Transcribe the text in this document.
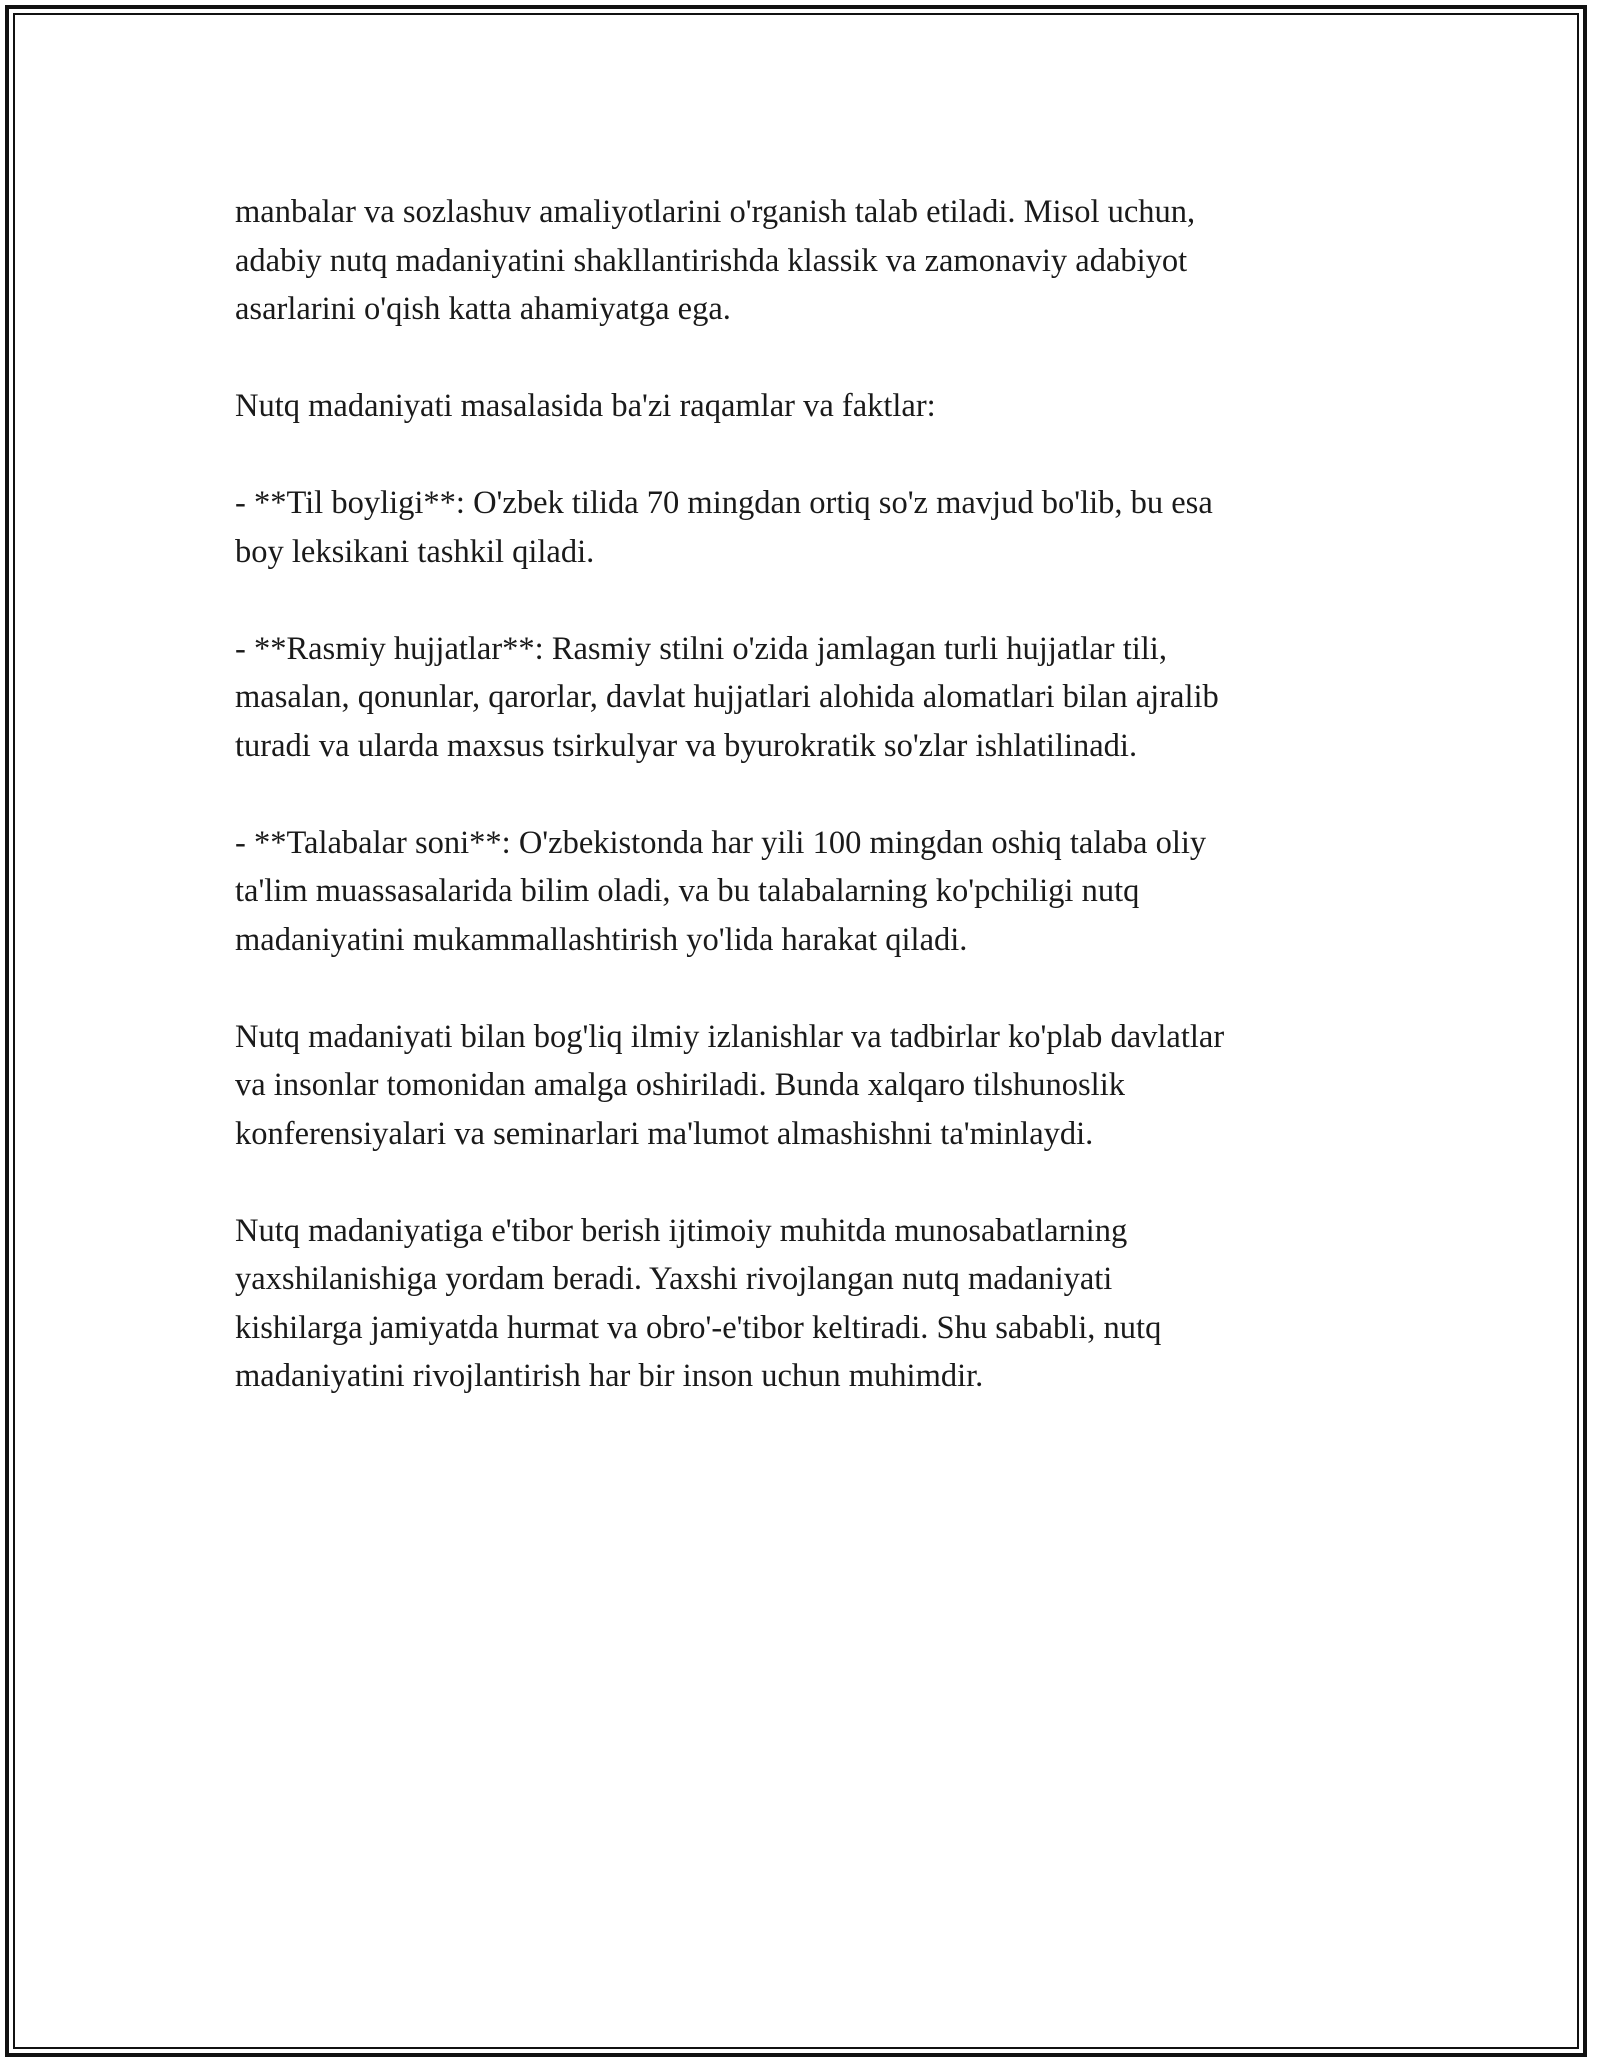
manbalar va sozlashuv amaliyotlarini o'rganish talab etiladi. Misol uchun,
adabiy nutq madaniyatini shakllantirishda klassik va zamonaviy adabiyot
asarlarini o'qish katta ahamiyatga ega.

Nutq madaniyati masalasida ba'zi raqamlar va faktlar:

- **Til boyligi**: O'zbek tilida 70 mingdan ortiq so'z mavjud bo'lib, bu esa
boy leksikani tashkil qiladi.

- **Rasmiy hujjatlar**: Rasmiy stilni o'zida jamlagan turli hujjatlar tili,
masalan, qonunlar, qarorlar, davlat hujjatlari alohida alomatlari bilan ajralib
turadi va ularda maxsus tsirkulyar va byurokratik so'zlar ishlatilinadi.

- **Talabalar soni**: O'zbekistonda har yili 100 mingdan oshiq talaba oliy
ta'lim muassasalarida bilim oladi, va bu talabalarning ko'pchiligi nutq
madaniyatini mukammallashtirish yo'lida harakat qiladi.

Nutq madaniyati bilan bog'liq ilmiy izlanishlar va tadbirlar ko'plab davlatlar
va insonlar tomonidan amalga oshiriladi. Bunda xalqaro tilshunoslik
konferensiyalari va seminarlari ma'lumot almashishni ta'minlaydi.

Nutq madaniyatiga e'tibor berish ijtimoiy muhitda munosabatlarning
yaxshilanishiga yordam beradi. Yaxshi rivojlangan nutq madaniyati
kishilarga jamiyatda hurmat va obro'-e'tibor keltiradi. Shu sababli, nutq
madaniyatini rivojlantirish har bir inson uchun muhimdir.
